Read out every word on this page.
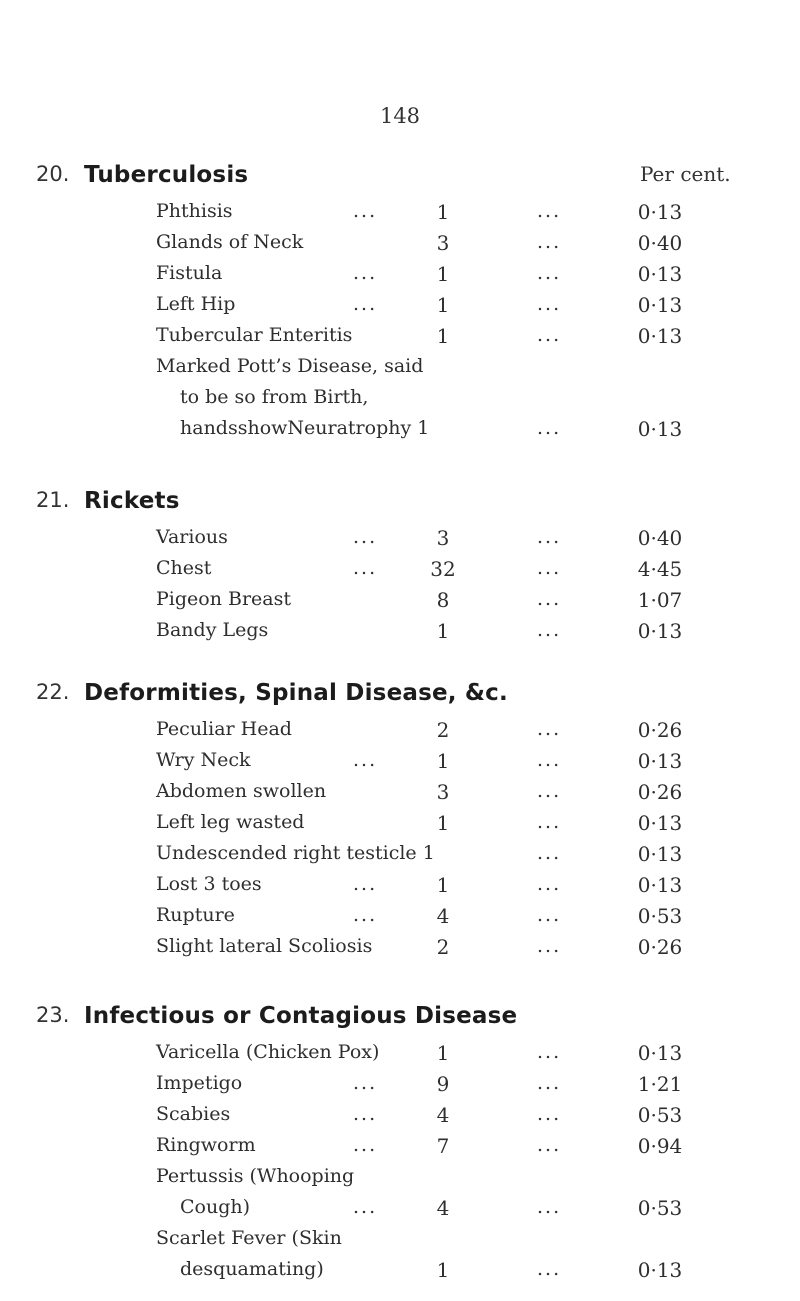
148
20. Tuberculosis	Per cent.
Phthisis	...	1	...	0·13
Glands of Neck	3	...	0·40
Fistula	...	1	...	0·13
Left Hip	...	1	...	0·13
Tubercular Enteritis	1	...	0·13
Marked Pott’s Disease, said
to be so from Birth,
handsshowNeuratrophy 1	...	0·13
21. Rickets
Various	...	3	...	0·40
Chest	...	32	...	4·45
Pigeon Breast	8	...	1·07
Bandy Legs	1	...	0·13
22. Deformities, Spinal Disease, &c.
Peculiar Head	2	...	0·26
Wry Neck	...	1	...	0·13
Abdomen swollen	3	...	0·26
Left leg wasted	1	...	0·13
Undescended right testicle 1	...	0·13
Lost 3 toes	...	1	...	0·13
Rupture	...	4	...	0·53
Slight lateral Scoliosis	2	...	0·26
23. Infectious or Contagious Disease
Varicella (Chicken Pox)	1	...	0·13
Impetigo	...	9	...	1·21
Scabies	...	4	...	0·53
Ringworm	...	7	...	0·94
Pertussis (Whooping
Cough)	...	4	...	0·53
Scarlet Fever (Skin
desquamating)	1	...	0·13
